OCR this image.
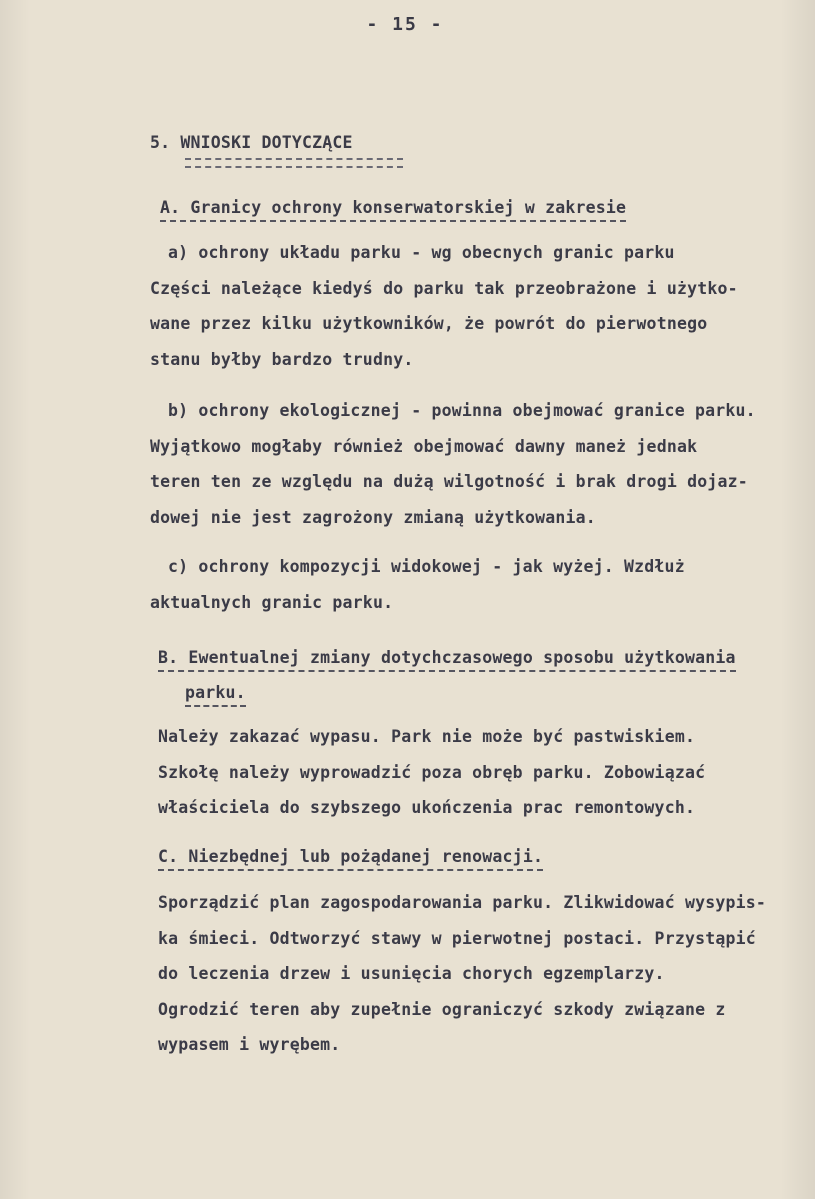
- 15 -
5. WNIOSKI DOTYCZĄCE
A. Granicy ochrony konserwatorskiej w zakresie
a) ochrony układu parku - wg obecnych granic parku
Części należące kiedyś do parku tak przeobrażone i użytko-
wane przez kilku użytkowników, że powrót do pierwotnego
stanu byłby bardzo trudny.
b) ochrony ekologicznej - powinna obejmować granice parku.
Wyjątkowo mogłaby również obejmować dawny maneż jednak
teren ten ze względu na dużą wilgotność i brak drogi dojaz-
dowej nie jest zagrożony zmianą użytkowania.
c) ochrony kompozycji widokowej - jak wyżej. Wzdłuż
aktualnych granic parku.
B. Ewentualnej zmiany dotychczasowego sposobu użytkowania
parku.
Należy zakazać wypasu. Park nie może być pastwiskiem.
Szkołę należy wyprowadzić poza obręb parku. Zobowiązać
właściciela do szybszego ukończenia prac remontowych.
C. Niezbędnej lub pożądanej renowacji.
Sporządzić plan zagospodarowania parku. Zlikwidować wysypis-
ka śmieci. Odtworzyć stawy w pierwotnej postaci. Przystąpić
do leczenia drzew i usunięcia chorych egzemplarzy.
Ogrodzić teren aby zupełnie ograniczyć szkody związane z
wypasem i wyrębem.
